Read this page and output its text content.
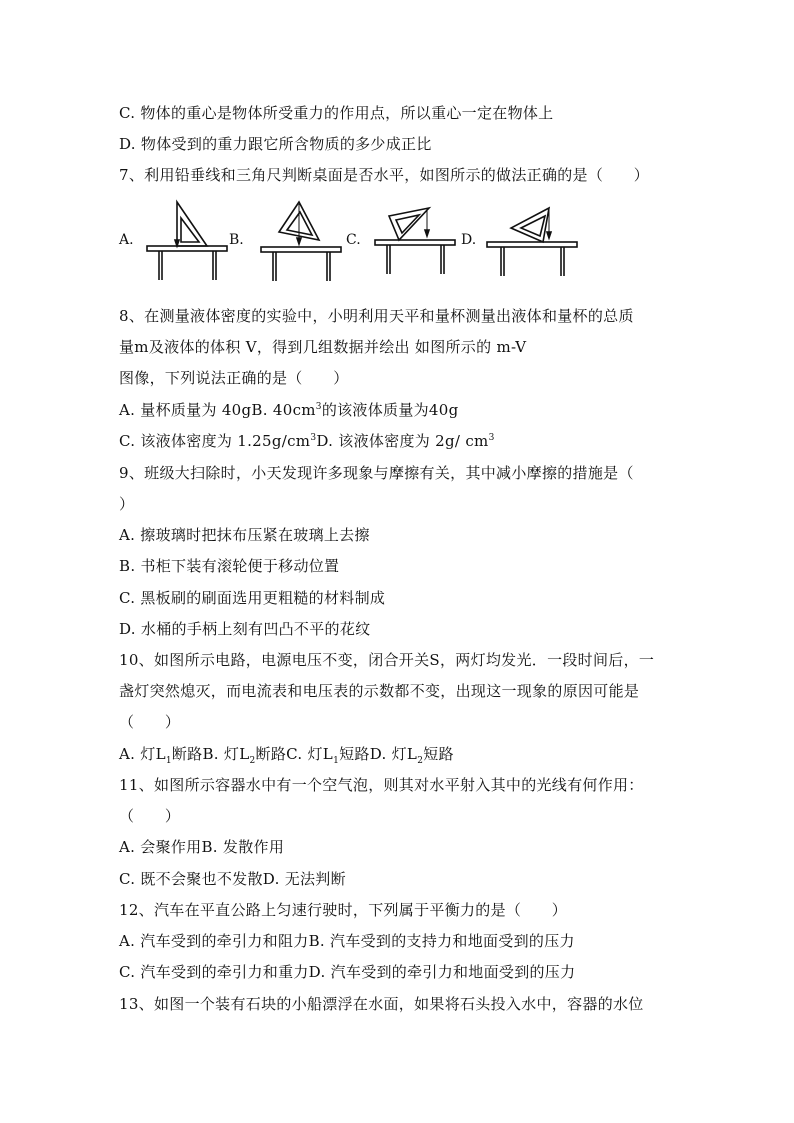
C. 物体的重心是物体所受重力的作用点，所以重心一定在物体上
D. 物体受到的重力跟它所含物质的多少成正比
7、利用铅垂线和三角尺判断桌面是否水平，如图所示的做法正确的是（　　）
A.	B.	C.	D.
8、在测量液体密度的实验中，小明利用天平和量杯测量出液体和量杯的总质
量m及液体的体积 V，得到几组数据并绘出 如图所示的 m-V
图像，下列说法正确的是（　　）
A. 量杯质量为 40gB. $40cm^3$的该液体质量为40g
C. 该液体密度为 $1.25g/cm^3D$. 该液体密度为 2g/ $cm^3$
9、班级大扫除时，小天发现许多现象与摩擦有关，其中减小摩擦的措施是（
）
A. 擦玻璃时把抹布压紧在玻璃上去擦
B. 书柜下装有滚轮便于移动位置
C. 黑板刷的刷面选用更粗糙的材料制成
D. 水桶的手柄上刻有凹凸不平的花纹
10、如图所示电路，电源电压不变，闭合开关S，两灯均发光．一段时间后，一
盏灯突然熄灭，而电流表和电压表的示数都不变，出现这一现象的原因可能是
（　　）
A. 灯$L_1$断路B. 灯$L_2$断路C. 灯$L_1$短路D. 灯$L_2$短路
11、如图所示容器水中有一个空气泡，则其对水平射入其中的光线有何作用：
（　　）
A. 会聚作用B. 发散作用
C. 既不会聚也不发散D. 无法判断
12、汽车在平直公路上匀速行驶时，下列属于平衡力的是（　　）
A. 汽车受到的牵引力和阻力B. 汽车受到的支持力和地面受到的压力
C. 汽车受到的牵引力和重力D. 汽车受到的牵引力和地面受到的压力
13、如图一个装有石块的小船漂浮在水面，如果将石头投入水中，容器的水位
